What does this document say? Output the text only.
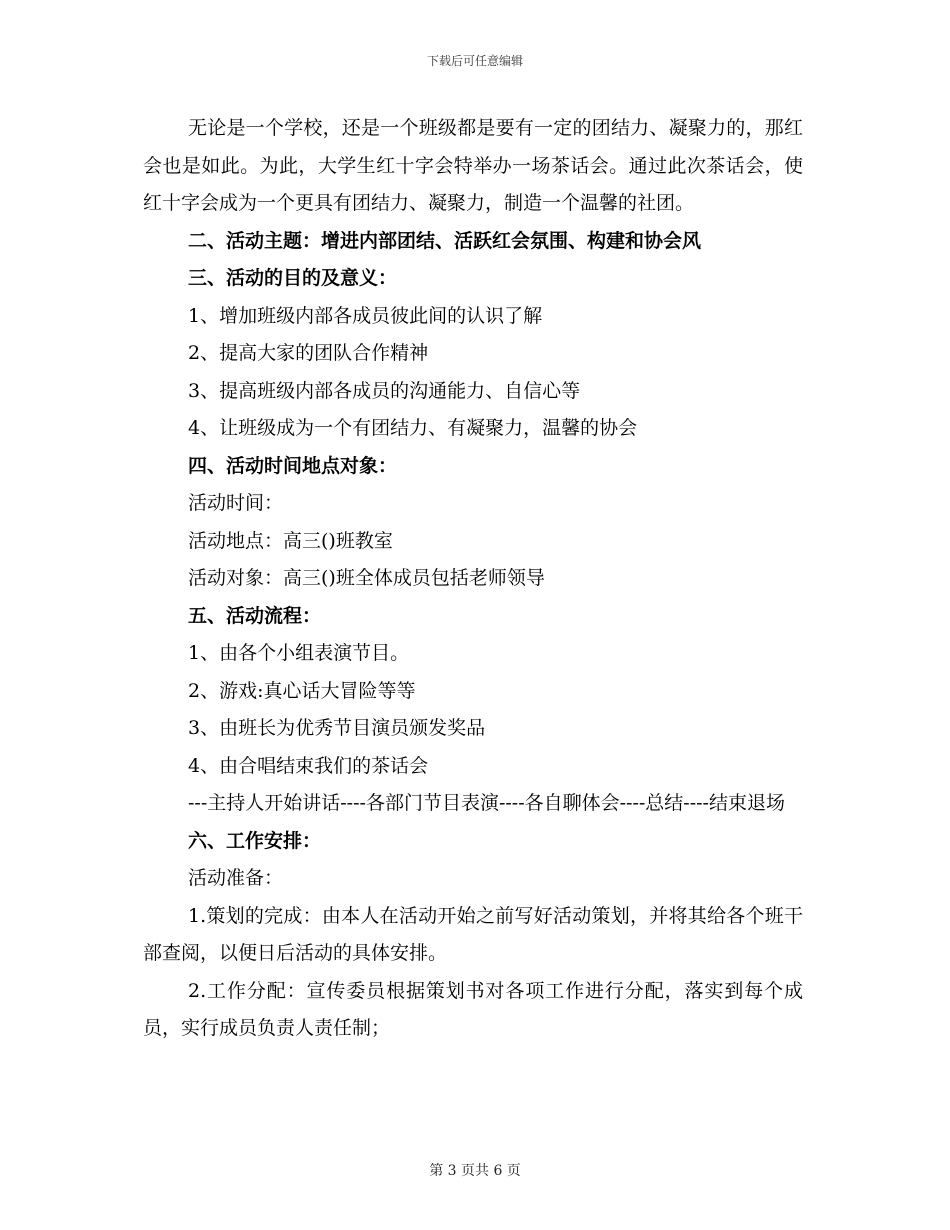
下载后可任意编辑

无论是一个学校，还是一个班级都是要有一定的团结力、凝聚力的，那红会也是如此。为此，大学生红十字会特举办一场茶话会。通过此次茶话会，使红十字会成为一个更具有团结力、凝聚力，制造一个温馨的社团。

二、活动主题：增进内部团结、活跃红会氛围、构建和协会风

三、活动的目的及意义：

1、增加班级内部各成员彼此间的认识了解

2、提高大家的团队合作精神

3、提高班级内部各成员的沟通能力、自信心等

4、让班级成为一个有团结力、有凝聚力，温馨的协会

四、活动时间地点对象：

活动时间：

活动地点：高三()班教室

活动对象：高三()班全体成员包括老师领导

五、活动流程：

1、由各个小组表演节目。

2、游戏:真心话大冒险等等

3、由班长为优秀节目演员颁发奖品

4、由合唱结束我们的茶话会

---主持人开始讲话----各部门节目表演----各自聊体会----总结----结束退场

六、工作安排：

活动准备：

1.策划的完成：由本人在活动开始之前写好活动策划，并将其给各个班干部查阅，以便日后活动的具体安排。

2.工作分配：宣传委员根据策划书对各项工作进行分配，落实到每个成员，实行成员负责人责任制；

第 3 页共 6 页
